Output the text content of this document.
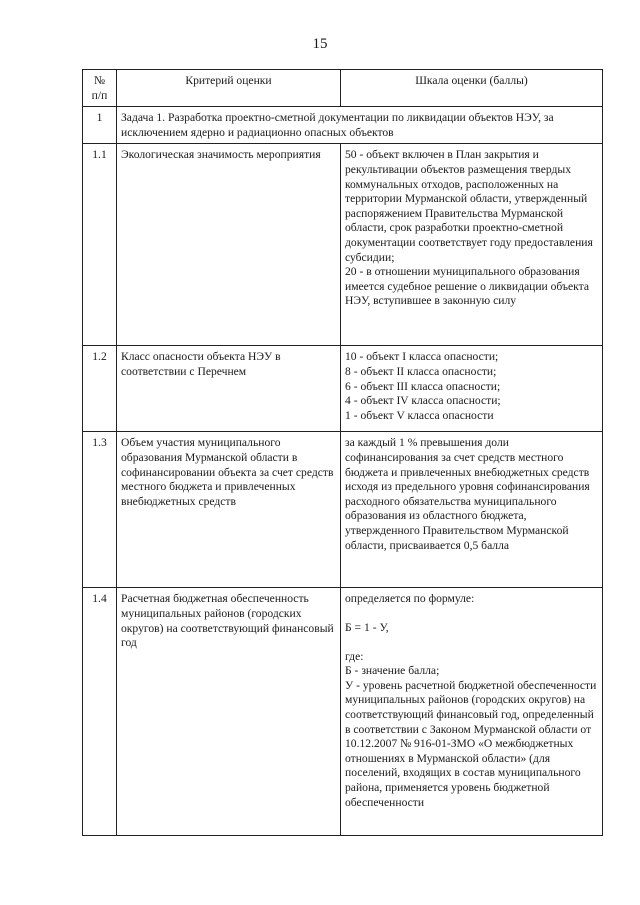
15
№
п/п	Критерий оценки	Шкала оценки (баллы)
1	Задача 1. Разработка проектно-сметной документации по ликвидации объектов НЭУ, за исключением ядерно и радиационно опасных объектов	
1.1	Экологическая значимость мероприятия	50 - объект включен в План закрытия и рекультивации объектов размещения твердых коммунальных отходов, расположенных на территории Мурманской области, утвержденный распоряжением Правительства Мурманской области, срок разработки проектно-сметной документации соответствует году предоставления субсидии;
20 - в отношении муниципального образования имеется судебное решение о ликвидации объекта НЭУ, вступившее в законную силу

1.2	Класс опасности объекта НЭУ в соответствии с Перечнем	10 - объект I класса опасности;
8 - объект II класса опасности;
6 - объект III класса опасности;
4 - объект IV класса опасности;
1 - объект V класса опасности

1.3	Объем участия муниципального образования Мурманской области в софинансировании объекта за счет средств местного бюджета и привлеченных внебюджетных средств	за каждый 1 % превышения доли софинансирования за счет средств местного бюджета и привлеченных внебюджетных средств исходя из предельного уровня софинансирования расходного обязательства муниципального образования из областного бюджета, утвержденного Правительством Мурманской области, присваивается 0,5 балла

1.4	Расчетная бюджетная обеспеченность муниципальных районов (городских округов) на соответствующий финансовый год	определяется по формуле:
Б = 1 - У,
где:
Б - значение балла;
У - уровень расчетной бюджетной обеспеченности муниципальных районов (городских округов) на соответствующий финансовый год, определенный в соответствии с Законом Мурманской области от 10.12.2007 № 916-01-ЗМО «О межбюджетных отношениях в Мурманской области» (для поселений, входящих в состав муниципального района, применяется уровень бюджетной обеспеченности
